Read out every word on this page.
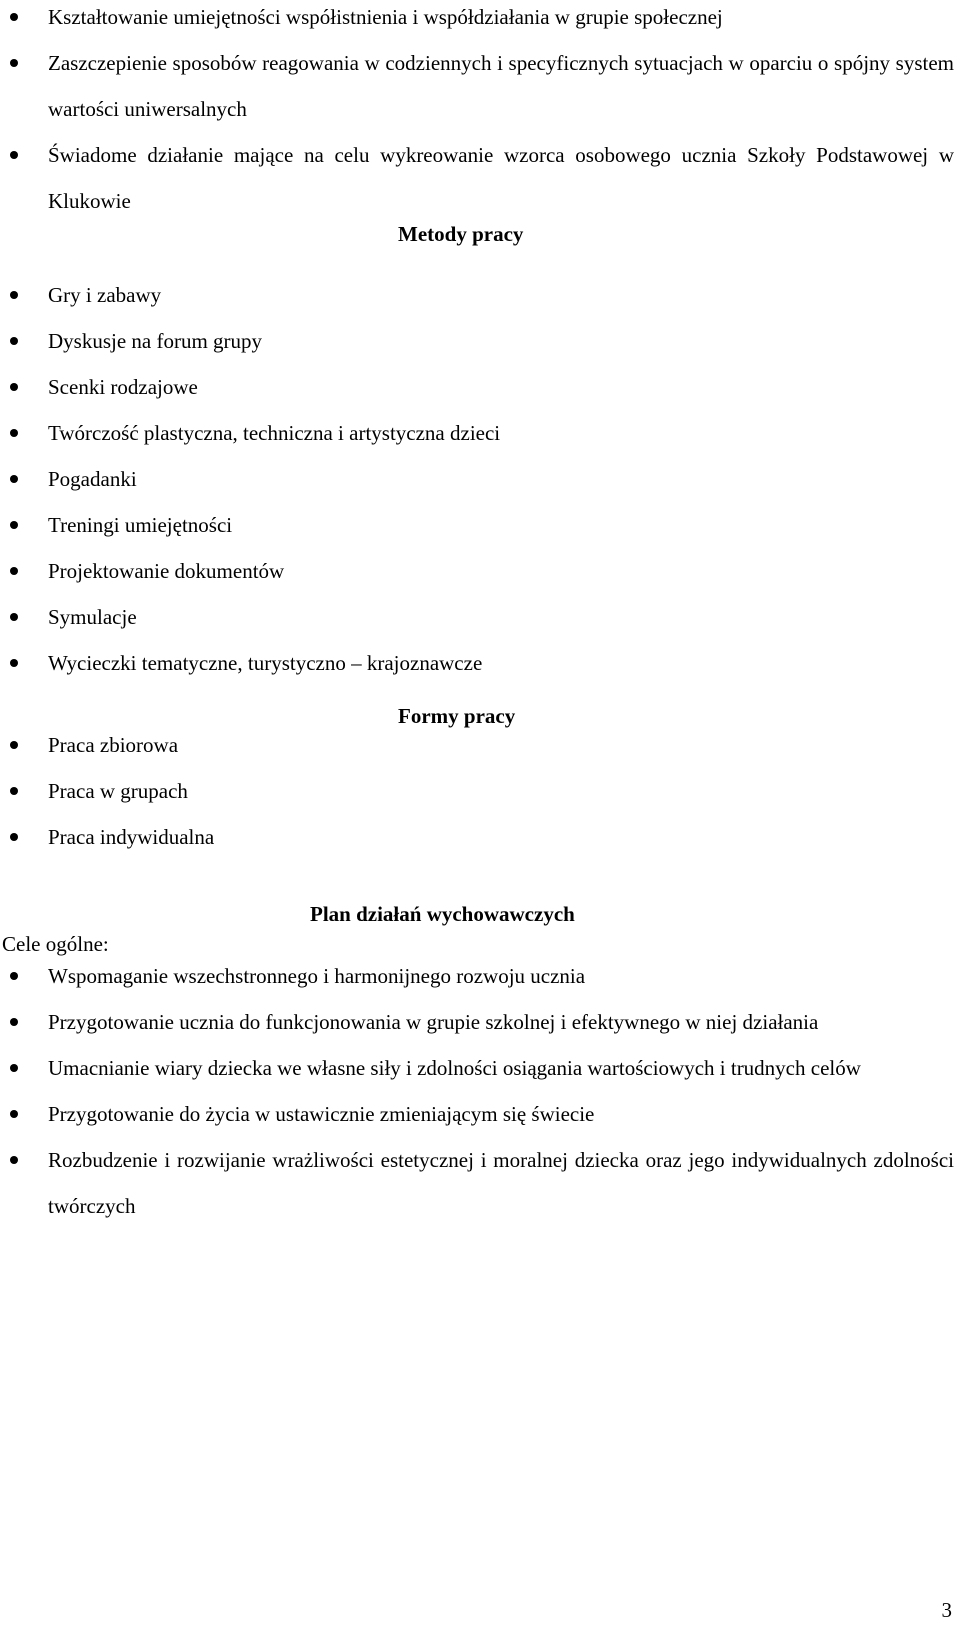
Kształtowanie umiejętności współistnienia i współdziałania w grupie społecznej
Zaszczepienie sposobów reagowania w codziennych i specyficznych sytuacjach w oparciu o spójny system wartości uniwersalnych
Świadome działanie mające na celu wykreowanie wzorca osobowego ucznia Szkoły Podstawowej w Klukowie
Metody pracy
Gry i zabawy
Dyskusje na forum grupy
Scenki rodzajowe
Twórczość plastyczna, techniczna i artystyczna dzieci
Pogadanki
Treningi umiejętności
Projektowanie dokumentów
Symulacje
Wycieczki tematyczne, turystyczno – krajoznawcze
Formy pracy
Praca zbiorowa
Praca w grupach
Praca indywidualna
Plan działań wychowawczych
Cele ogólne:
Wspomaganie wszechstronnego i harmonijnego rozwoju ucznia
Przygotowanie ucznia do funkcjonowania w grupie szkolnej i efektywnego w niej działania
Umacnianie wiary dziecka we własne siły i zdolności osiągania wartościowych i trudnych celów
Przygotowanie do życia w ustawicznie zmieniającym się świecie
Rozbudzenie i rozwijanie wrażliwości estetycznej i moralnej dziecka oraz jego indywidualnych zdolności twórczych
3
